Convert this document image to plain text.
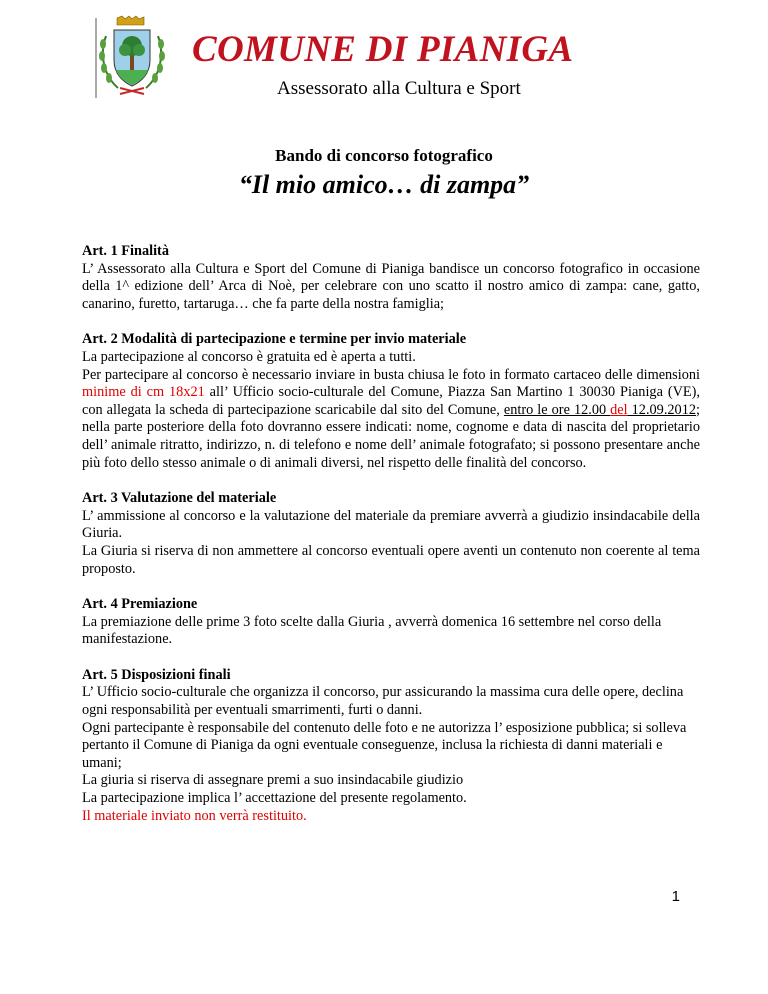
COMUNE DI PIANIGA
Assessorato alla Cultura e Sport
Bando di concorso fotografico
“Il mio amico… di zampa”
Art. 1 Finalità

L’ Assessorato alla Cultura e Sport del Comune di Pianiga bandisce un concorso fotografico in occasione della 1^ edizione dell’ Arca di Noè, per celebrare con uno scatto il nostro amico di zampa: cane, gatto, canarino, furetto, tartaruga… che fa parte della nostra famiglia;

Art. 2 Modalità di partecipazione e termine per invio materiale

La partecipazione al concorso è gratuita ed è aperta a tutti.

Per partecipare al concorso è necessario inviare in busta chiusa le foto in formato cartaceo delle dimensioni minime di cm 18x21 all’ Ufficio socio-culturale del Comune, Piazza San Martino 1 30030 Pianiga (VE), con allegata la scheda di partecipazione scaricabile dal sito del Comune, entro le ore 12.00 del 12.09.2012; nella parte posteriore della foto dovranno essere indicati: nome, cognome e data di nascita del proprietario dell’ animale ritratto, indirizzo, n. di telefono e nome dell’ animale fotografato; si possono presentare anche più foto dello stesso animale o di animali diversi, nel rispetto delle finalità del concorso.

Art. 3 Valutazione del materiale

L’ ammissione al concorso e la valutazione del materiale da premiare avverrà a giudizio insindacabile della Giuria.

La Giuria si riserva di non ammettere al concorso eventuali opere aventi un contenuto non coerente al tema proposto.

Art. 4 Premiazione

La premiazione delle prime 3 foto scelte dalla Giuria , avverrà domenica 16 settembre nel corso della manifestazione.

Art. 5 Disposizioni finali

L’ Ufficio socio-culturale che organizza il concorso, pur assicurando la massima cura delle opere, declina ogni responsabilità per eventuali smarrimenti, furti o danni.

Ogni partecipante è responsabile del contenuto delle foto e ne autorizza l’ esposizione pubblica; si solleva pertanto il Comune di Pianiga da ogni eventuale conseguenze, inclusa la richiesta di danni materiali e umani;

La giuria si riserva di assegnare premi a suo insindacabile giudizio

La partecipazione implica l’ accettazione del presente regolamento.

Il materiale inviato non verrà restituito.

1
